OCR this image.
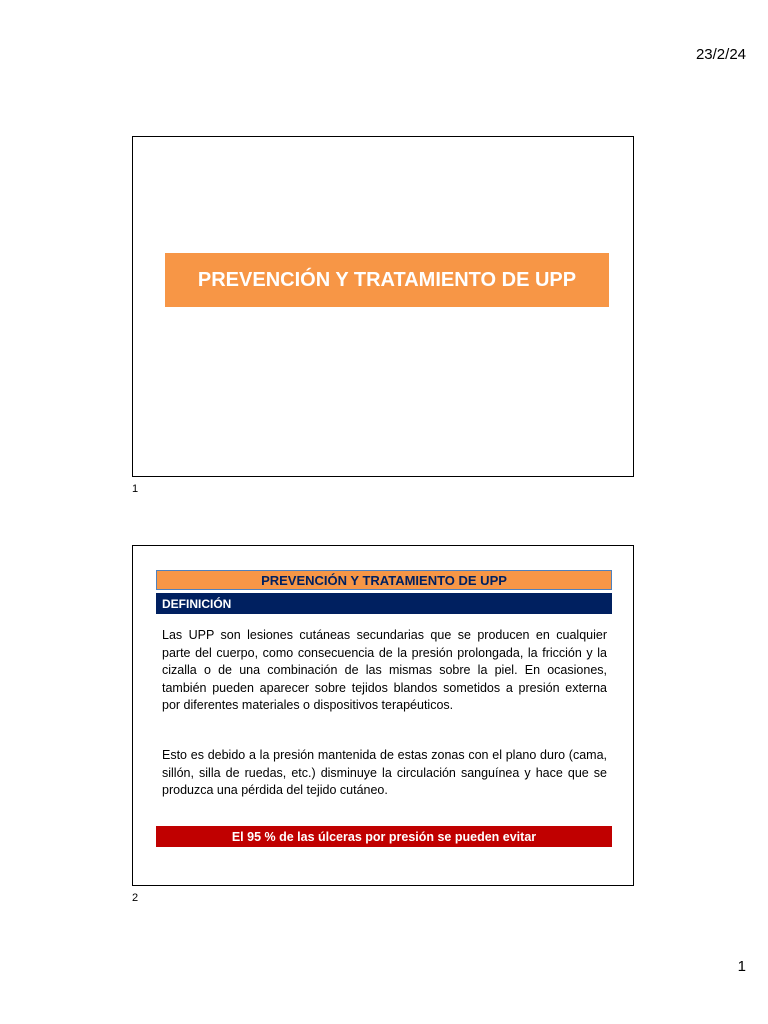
23/2/24
PREVENCIÓN Y TRATAMIENTO DE UPP
1
PREVENCIÓN Y TRATAMIENTO DE UPP
DEFINICIÓN

Las UPP son lesiones cutáneas secundarias que se producen en cualquier parte del cuerpo, como consecuencia de la presión prolongada, la fricción y la cizalla o de una combinación de las mismas sobre la piel. En ocasiones, también pueden aparecer sobre tejidos blandos sometidos a presión externa por diferentes materiales o dispositivos terapéuticos.

Esto es debido a la presión mantenida de estas zonas con el plano duro (cama, sillón, silla de ruedas, etc.) disminuye la circulación sanguínea y hace que se produzca una pérdida del tejido cutáneo.

El 95 % de las úlceras por presión se pueden evitar
2
1
